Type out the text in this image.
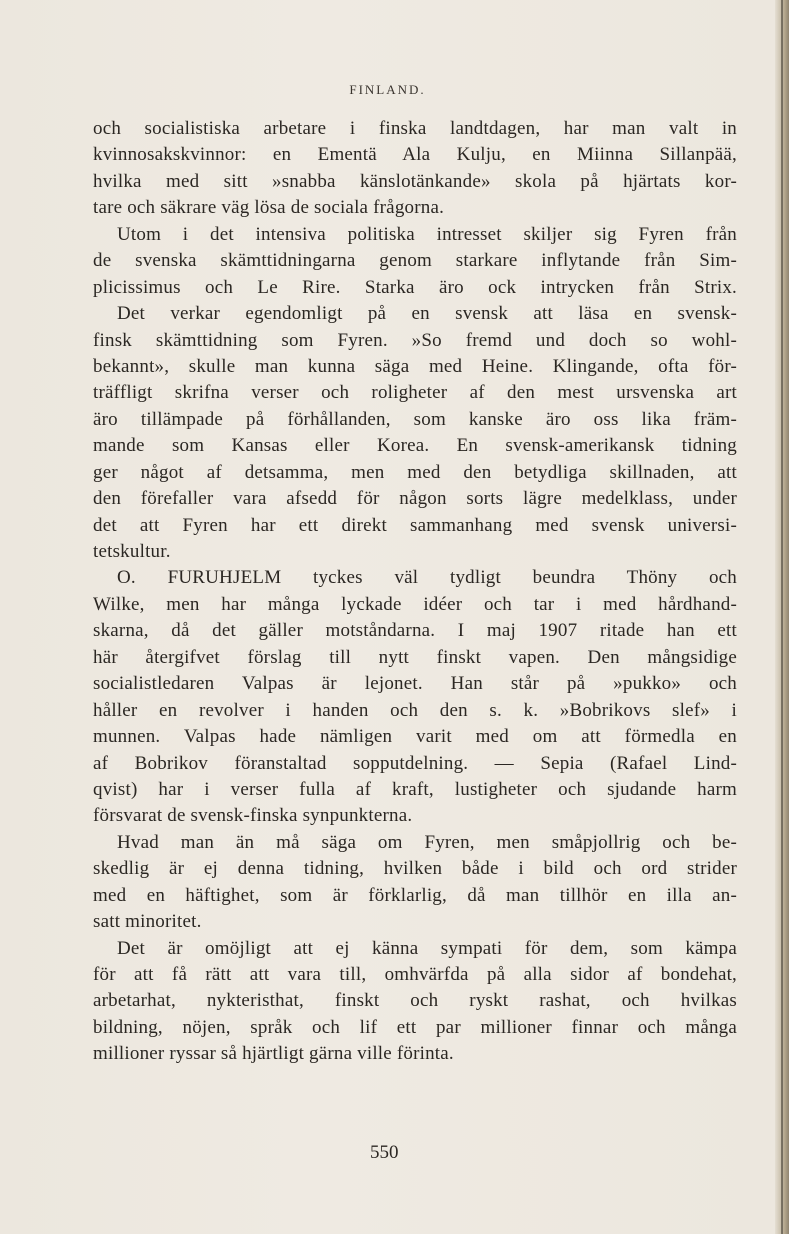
FINLAND.
och socialistiska arbetare i finska landtdagen, har man valt in
kvinnosakskvinnor: en Ementä Ala Kulju, en Miinna Sillanpää,
hvilka med sitt »snabba känslotänkande» skola på hjärtats kor-
tare och säkrare väg lösa de sociala frågorna.
Utom i det intensiva politiska intresset skiljer sig Fyren från
de svenska skämttidningarna genom starkare inflytande från Sim-
plicissimus och Le Rire. Starka äro ock intrycken från Strix.
Det verkar egendomligt på en svensk att läsa en svensk-
finsk skämttidning som Fyren. »So fremd und doch so wohl-
bekannt», skulle man kunna säga med Heine. Klingande, ofta för-
träffligt skrifna verser och roligheter af den mest ursvenska art
äro tillämpade på förhållanden, som kanske äro oss lika främ-
mande som Kansas eller Korea. En svensk-amerikansk tidning
ger något af detsamma, men med den betydliga skillnaden, att
den förefaller vara afsedd för någon sorts lägre medelklass, under
det att Fyren har ett direkt sammanhang med svensk universi-
tetskultur.
O. FURUHJELM tyckes väl tydligt beundra Thöny och
Wilke, men har många lyckade idéer och tar i med hårdhand-
skarna, då det gäller motståndarna. I maj 1907 ritade han ett
här återgifvet förslag till nytt finskt vapen. Den mångsidige
socialistledaren Valpas är lejonet. Han står på »pukko» och
håller en revolver i handen och den s. k. »Bobrikovs slef» i
munnen. Valpas hade nämligen varit med om att förmedla en
af Bobrikov föranstaltad sopputdelning. — Sepia (Rafael Lind-
qvist) har i verser fulla af kraft, lustigheter och sjudande harm
försvarat de svensk-finska synpunkterna.
Hvad man än må säga om Fyren, men småpjollrig och be-
skedlig är ej denna tidning, hvilken både i bild och ord strider
med en häftighet, som är förklarlig, då man tillhör en illa an-
satt minoritet.
Det är omöjligt att ej känna sympati för dem, som kämpa
för att få rätt att vara till, omhvärfda på alla sidor af bondehat,
arbetarhat, nykteristhat, finskt och ryskt rashat, och hvilkas
bildning, nöjen, språk och lif ett par millioner finnar och många
millioner ryssar så hjärtligt gärna ville förinta.
550
